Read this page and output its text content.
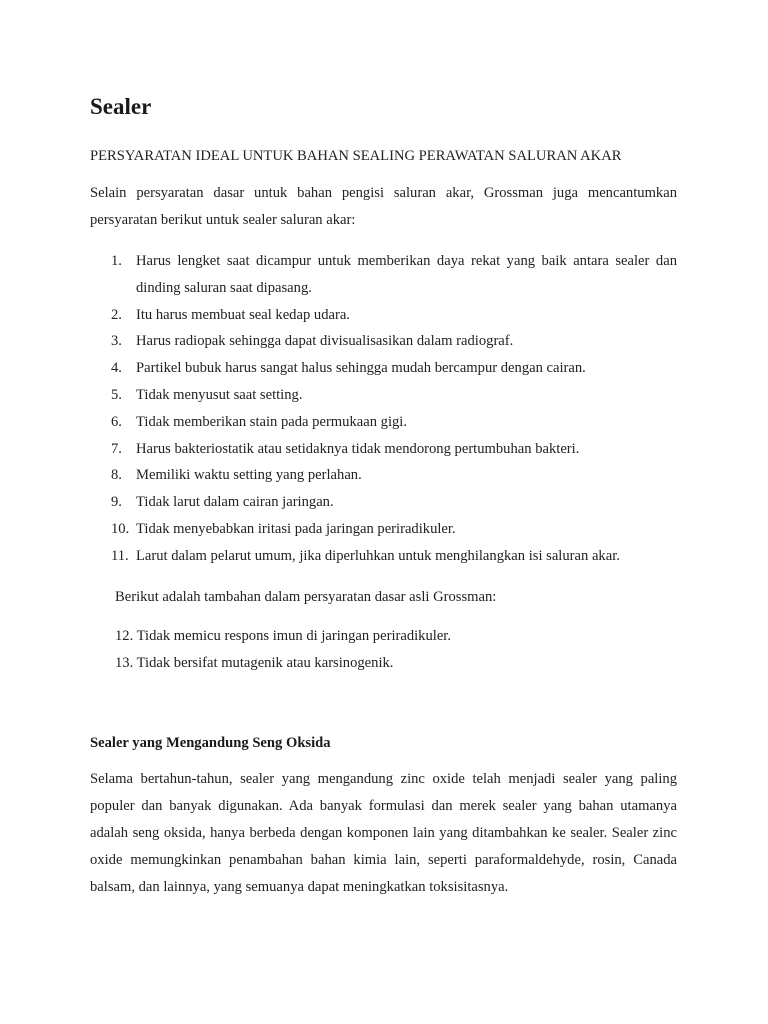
Sealer

PERSYARATAN IDEAL UNTUK BAHAN SEALING PERAWATAN SALURAN AKAR

Selain persyaratan dasar untuk bahan pengisi saluran akar, Grossman juga mencantumkan persyaratan berikut untuk sealer saluran akar:

1. Harus lengket saat dicampur untuk memberikan daya rekat yang baik antara sealer dan dinding saluran saat dipasang.
2. Itu harus membuat seal kedap udara.
3. Harus radiopak sehingga dapat divisualisasikan dalam radiograf.
4. Partikel bubuk harus sangat halus sehingga mudah bercampur dengan cairan.
5. Tidak menyusut saat setting.
6. Tidak memberikan stain pada permukaan gigi.
7. Harus bakteriostatik atau setidaknya tidak mendorong pertumbuhan bakteri.
8. Memiliki waktu setting yang perlahan.
9. Tidak larut dalam cairan jaringan.
10. Tidak menyebabkan iritasi pada jaringan periradikuler.
11. Larut dalam pelarut umum, jika diperluhkan untuk menghilangkan isi saluran akar.

Berikut adalah tambahan dalam persyaratan dasar asli Grossman:

12. Tidak memicu respons imun di jaringan periradikuler.
13. Tidak bersifat mutagenik atau karsinogenik.
Sealer yang Mengandung Seng Oksida

Selama bertahun-tahun, sealer yang mengandung zinc oxide telah menjadi sealer yang paling populer dan banyak digunakan. Ada banyak formulasi dan merek sealer yang bahan utamanya adalah seng oksida, hanya berbeda dengan komponen lain yang ditambahkan ke sealer. Sealer zinc oxide memungkinkan penambahan bahan kimia lain, seperti paraformaldehyde, rosin, Canada balsam, dan lainnya, yang semuanya dapat meningkatkan toksisitasnya.
